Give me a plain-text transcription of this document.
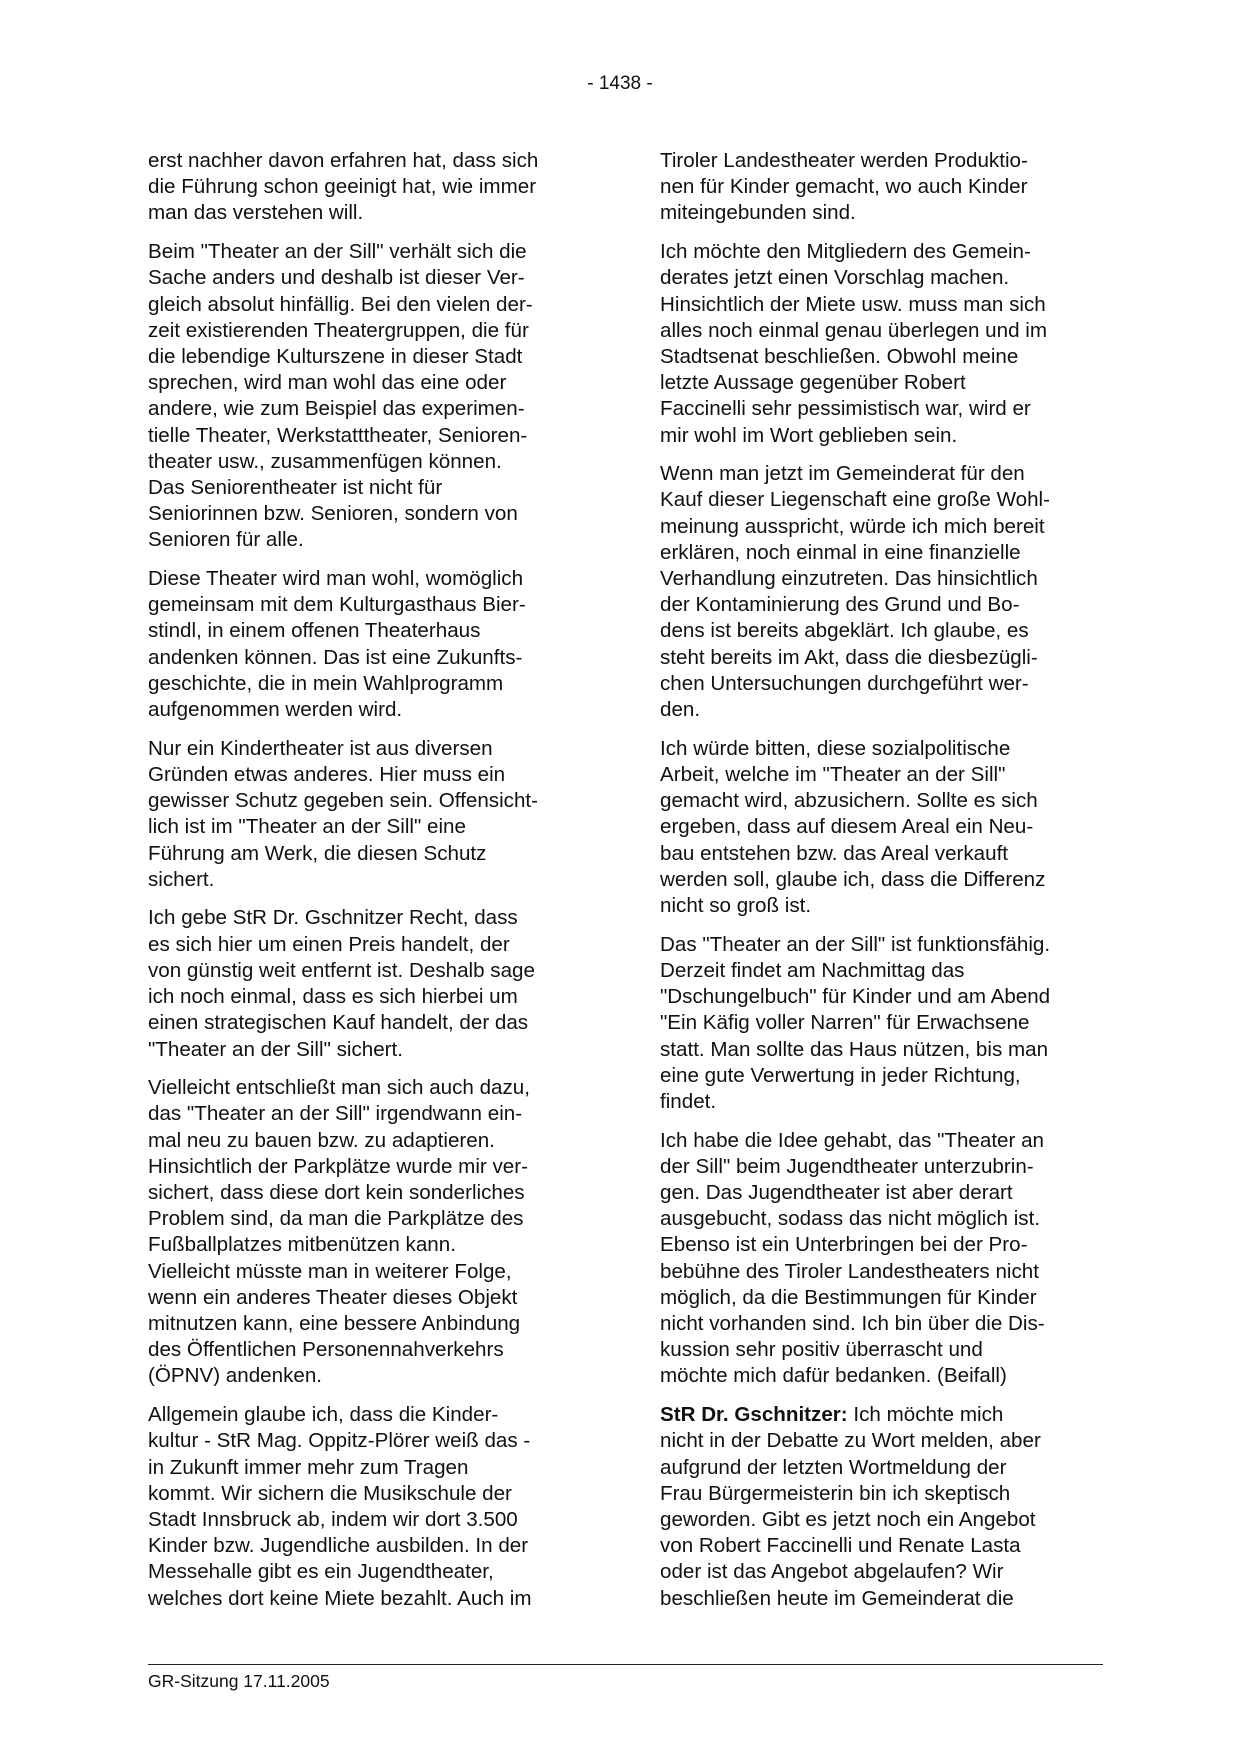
- 1438 -

erst nachher davon erfahren hat, dass sich
die Führung schon geeinigt hat, wie immer
man das verstehen will.

Beim "Theater an der Sill" verhält sich die
Sache anders und deshalb ist dieser Ver-
gleich absolut hinfällig. Bei den vielen der-
zeit existierenden Theatergruppen, die für
die lebendige Kulturszene in dieser Stadt
sprechen, wird man wohl das eine oder
andere, wie zum Beispiel das experimen-
tielle Theater, Werkstatttheater, Senioren-
theater usw., zusammenfügen können.
Das Seniorentheater ist nicht für
Seniorinnen bzw. Senioren, sondern von
Senioren für alle.

Diese Theater wird man wohl, womöglich
gemeinsam mit dem Kulturgasthaus Bier-
stindl, in einem offenen Theaterhaus
andenken können. Das ist eine Zukunfts-
geschichte, die in mein Wahlprogramm
aufgenommen werden wird.

Nur ein Kindertheater ist aus diversen
Gründen etwas anderes. Hier muss ein
gewisser Schutz gegeben sein. Offensicht-
lich ist im "Theater an der Sill" eine
Führung am Werk, die diesen Schutz
sichert.

Ich gebe StR Dr. Gschnitzer Recht, dass
es sich hier um einen Preis handelt, der
von günstig weit entfernt ist. Deshalb sage
ich noch einmal, dass es sich hierbei um
einen strategischen Kauf handelt, der das
"Theater an der Sill" sichert.

Vielleicht entschließt man sich auch dazu,
das "Theater an der Sill" irgendwann ein-
mal neu zu bauen bzw. zu adaptieren.
Hinsichtlich der Parkplätze wurde mir ver-
sichert, dass diese dort kein sonderliches
Problem sind, da man die Parkplätze des
Fußballplatzes mitbenützen kann.
Vielleicht müsste man in weiterer Folge,
wenn ein anderes Theater dieses Objekt
mitnutzen kann, eine bessere Anbindung
des Öffentlichen Personennahverkehrs
(ÖPNV) andenken.

Allgemein glaube ich, dass die Kinder-
kultur - StR Mag. Oppitz-Plörer weiß das -
in Zukunft immer mehr zum Tragen
kommt. Wir sichern die Musikschule der
Stadt Innsbruck ab, indem wir dort 3.500
Kinder bzw. Jugendliche ausbilden. In der
Messehalle gibt es ein Jugendtheater,
welches dort keine Miete bezahlt. Auch im

Tiroler Landestheater werden Produktio-
nen für Kinder gemacht, wo auch Kinder
miteingebunden sind.

Ich möchte den Mitgliedern des Gemein-
derates jetzt einen Vorschlag machen.
Hinsichtlich der Miete usw. muss man sich
alles noch einmal genau überlegen und im
Stadtsenat beschließen. Obwohl meine
letzte Aussage gegenüber Robert
Faccinelli sehr pessimistisch war, wird er
mir wohl im Wort geblieben sein.

Wenn man jetzt im Gemeinderat für den
Kauf dieser Liegenschaft eine große Wohl-
meinung ausspricht, würde ich mich bereit
erklären, noch einmal in eine finanzielle
Verhandlung einzutreten. Das hinsichtlich
der Kontaminierung des Grund und Bo-
dens ist bereits abgeklärt. Ich glaube, es
steht bereits im Akt, dass die diesbezügli-
chen Untersuchungen durchgeführt wer-
den.

Ich würde bitten, diese sozialpolitische
Arbeit, welche im "Theater an der Sill"
gemacht wird, abzusichern. Sollte es sich
ergeben, dass auf diesem Areal ein Neu-
bau entstehen bzw. das Areal verkauft
werden soll, glaube ich, dass die Differenz
nicht so groß ist.

Das "Theater an der Sill" ist funktionsfähig.
Derzeit findet am Nachmittag das
"Dschungelbuch" für Kinder und am Abend
"Ein Käfig voller Narren" für Erwachsene
statt. Man sollte das Haus nützen, bis man
eine gute Verwertung in jeder Richtung,
findet.

Ich habe die Idee gehabt, das "Theater an
der Sill" beim Jugendtheater unterzubrin-
gen. Das Jugendtheater ist aber derart
ausgebucht, sodass das nicht möglich ist.
Ebenso ist ein Unterbringen bei der Pro-
bebühne des Tiroler Landestheaters nicht
möglich, da die Bestimmungen für Kinder
nicht vorhanden sind. Ich bin über die Dis-
kussion sehr positiv überrascht und
möchte mich dafür bedanken. (Beifall)

StR Dr. Gschnitzer: Ich möchte mich
nicht in der Debatte zu Wort melden, aber
aufgrund der letzten Wortmeldung der
Frau Bürgermeisterin bin ich skeptisch
geworden. Gibt es jetzt noch ein Angebot
von Robert Faccinelli und Renate Lasta
oder ist das Angebot abgelaufen? Wir
beschließen heute im Gemeinderat die

GR-Sitzung 17.11.2005
